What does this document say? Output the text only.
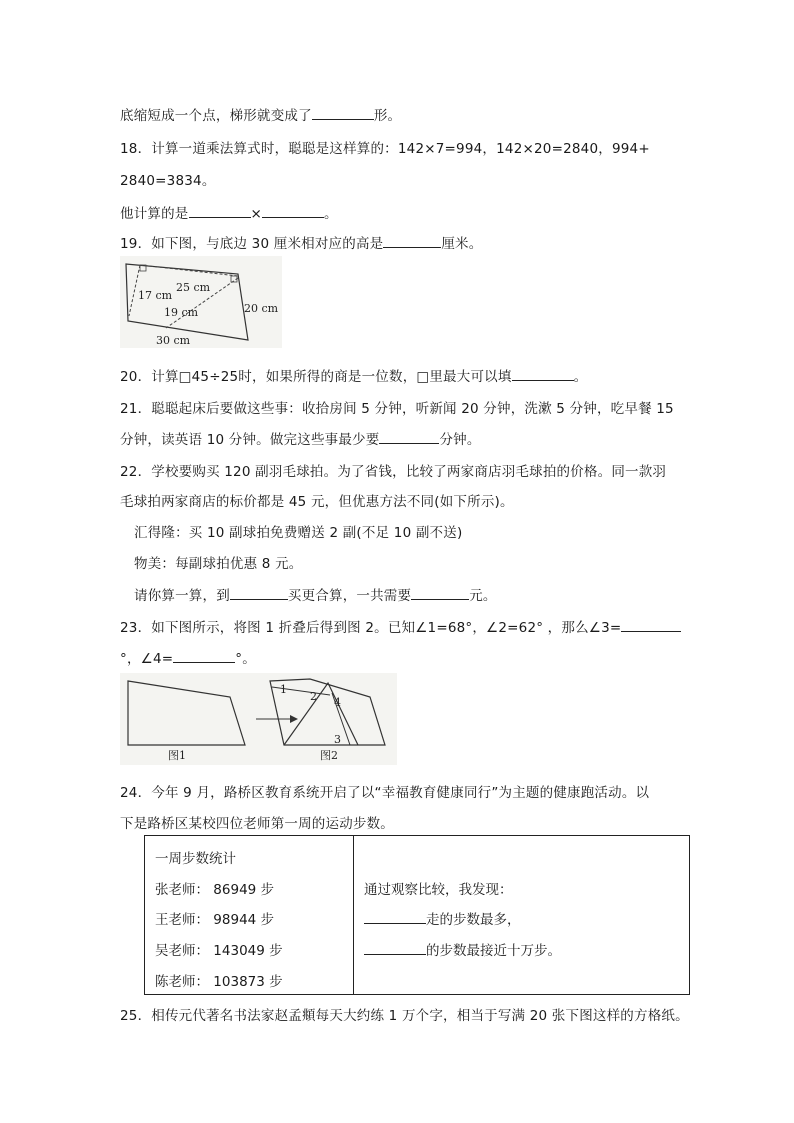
底缩短成一个点，梯形就变成了	形。
18．计算一道乘法算式时，聪聪是这样算的：142×7=994，142×20=2840，994+
2840=3834。
他计算的是	×	。
19．如下图，与底边 30 厘米相对应的高是	厘米。
17 cm
25 cm
19 cm	20 cm
30 cm
20．计算□45÷25时，如果所得的商是一位数，□里最大可以填	。
21．聪聪起床后要做这些事：收拾房间 5 分钟，听新闻 20 分钟，洗漱 5 分钟，吃早餐 15
分钟，读英语 10 分钟。做完这些事最少要	分钟。
22．学校要购买 120 副羽毛球拍。为了省钱，比较了两家商店羽毛球拍的价格。同一款羽
毛球拍两家商店的标价都是 45 元，但优惠方法不同(如下所示)。
汇得隆：买 10 副球拍免费赠送 2 副(不足 10 副不送)
物美：每副球拍优惠 8 元。
请你算一算，到	买更合算，一共需要	元。
23．如下图所示，将图 1 折叠后得到图 2。已知∠1=68°，∠2=62° ，那么∠3=
°，∠4=	°。
图1
1
2 4
3
图2
24．今年 9 月，路桥区教育系统开启了以“幸福教育健康同行”为主题的健康跑活动。以
下是路桥区某校四位老师第一周的运动步数。
一周步数统计
张老师： 86949 步
王老师： 98944 步
吴老师： 143049 步
陈老师： 103873 步

通过观察比较，我发现：
走的步数最多，
的步数最接近十万步。
25．相传元代著名书法家赵孟頫每天大约练 1 万个字，相当于写满 20 张下图这样的方格纸。
